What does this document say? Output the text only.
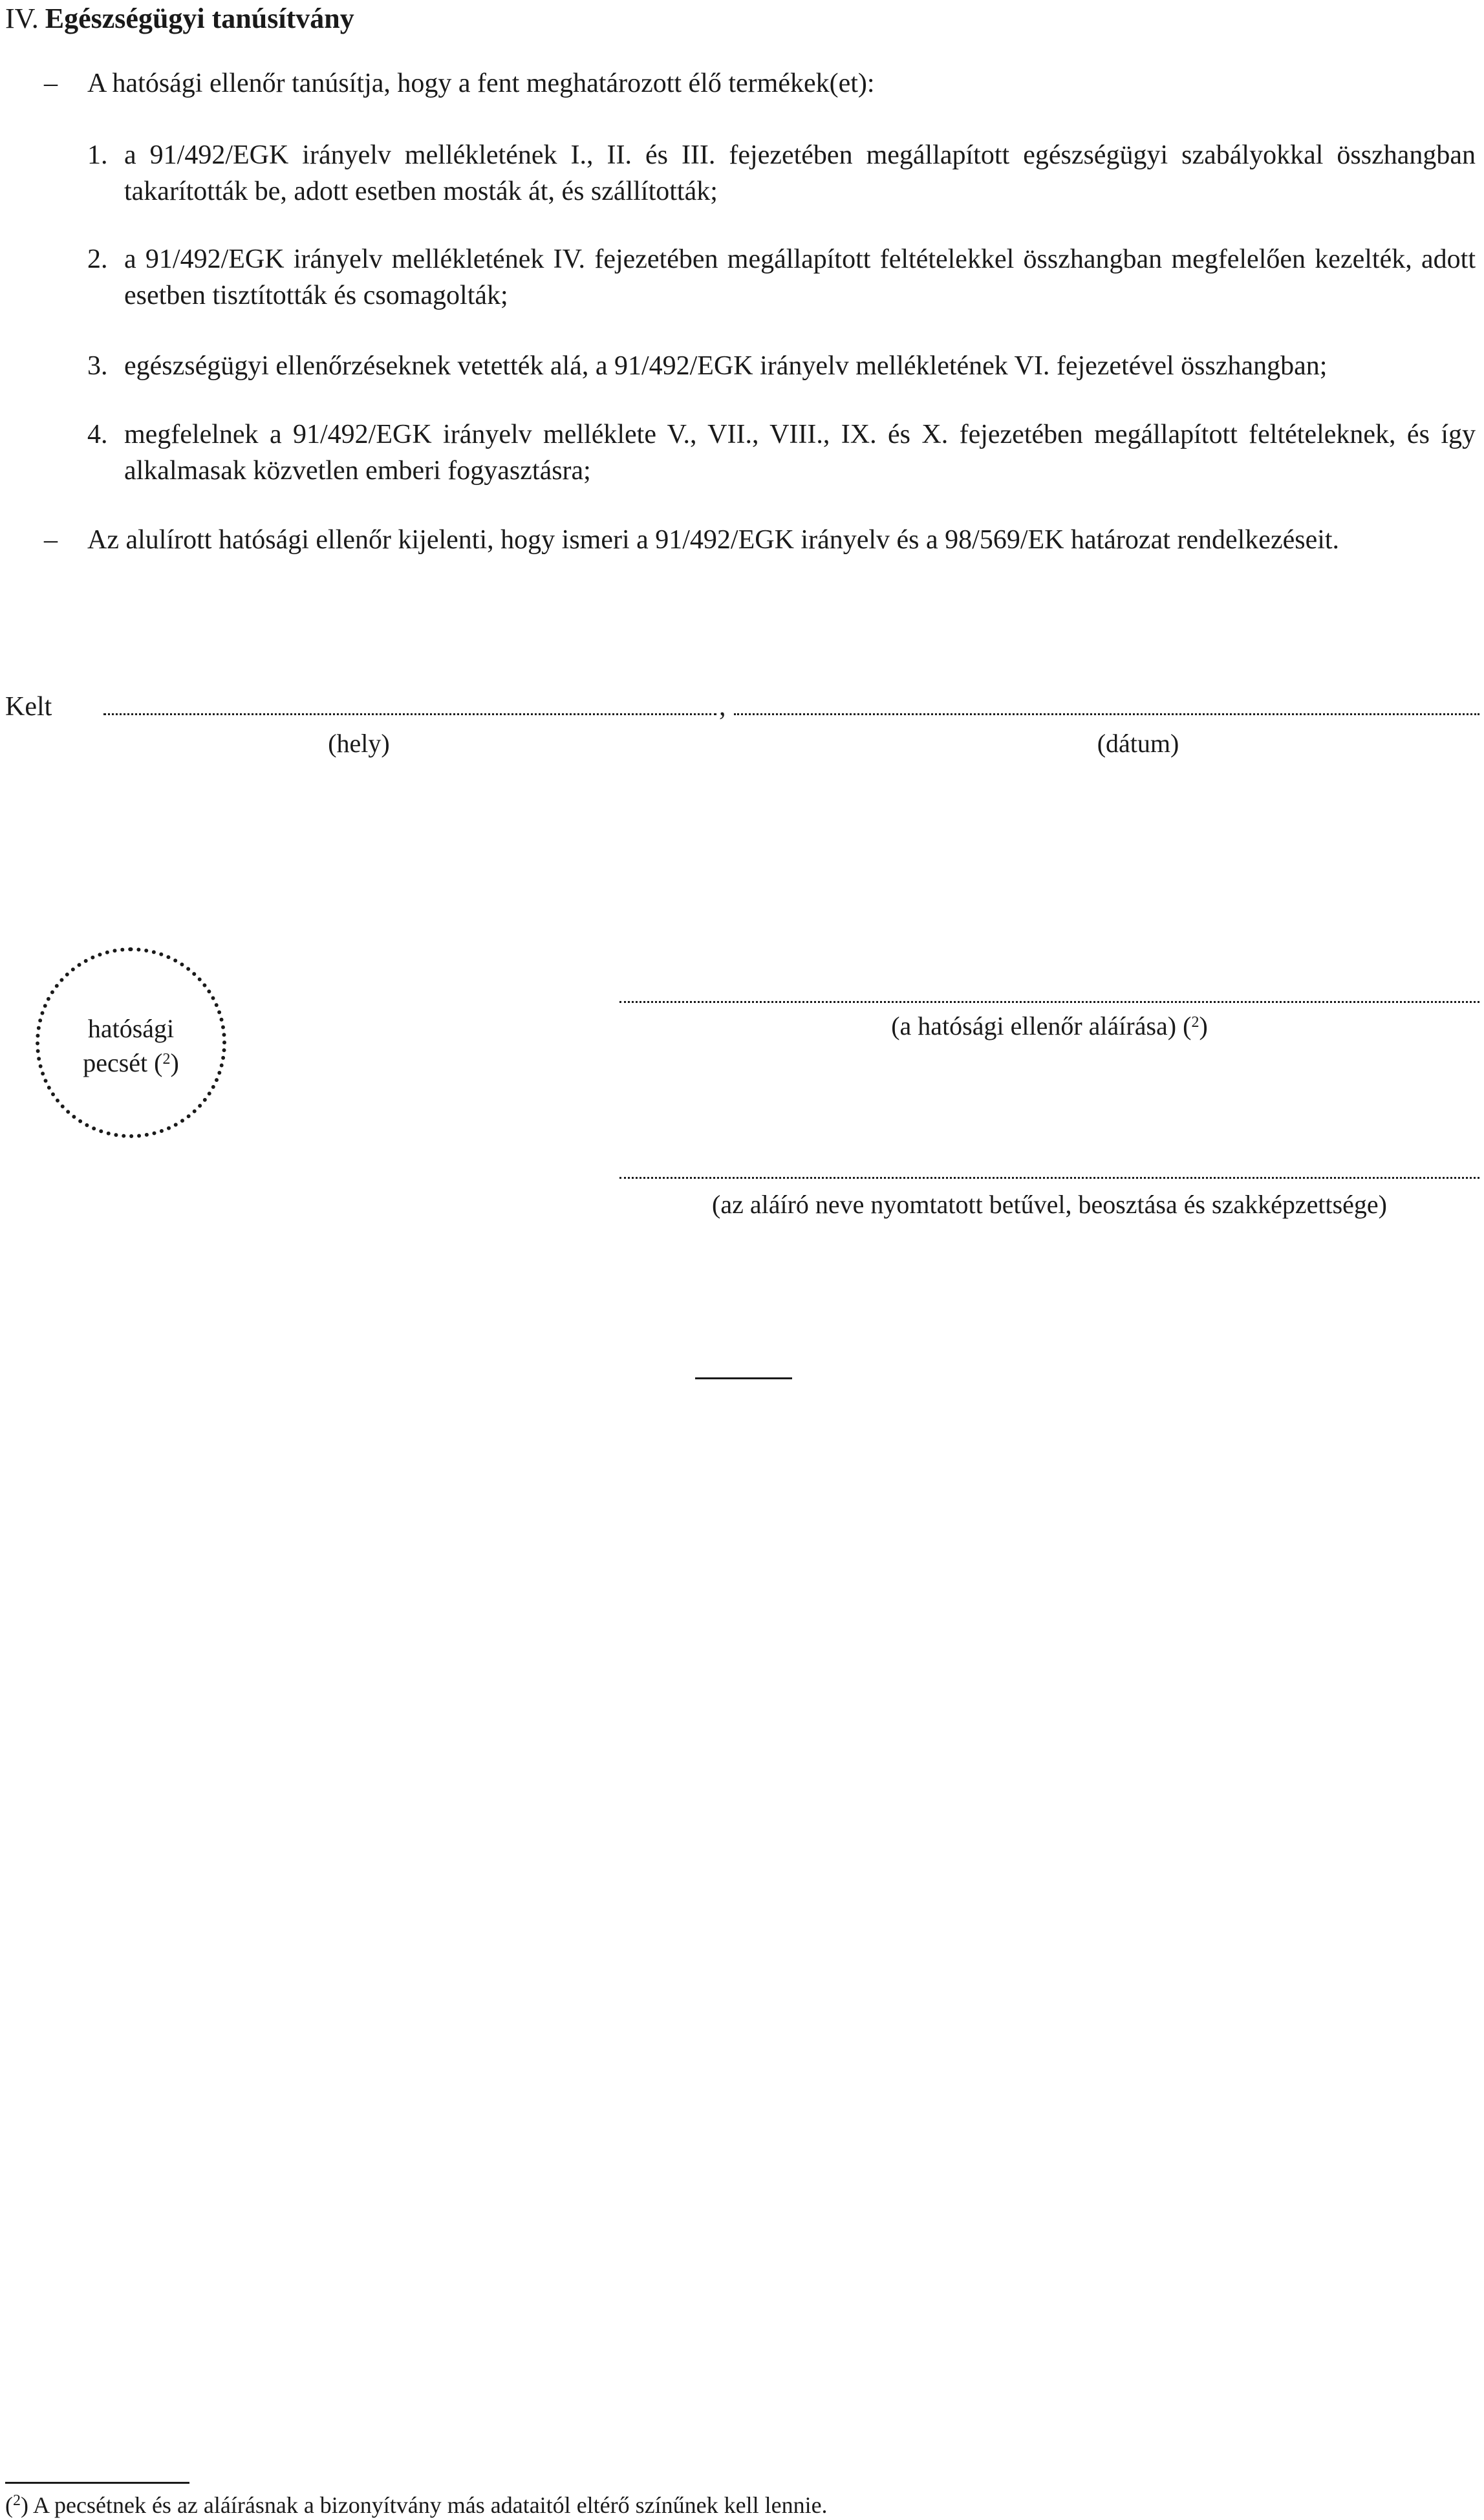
IV. Egészségügyi tanúsítvány
– A hatósági ellenőr tanúsítja, hogy a fent meghatározott élő termékek(et):
1. a 91/492/EGK irányelv mellékletének I., II. és III. fejezetében megállapított egészségügyi szabályokkal összhangban takarították be, adott esetben mosták át, és szállították;
2. a 91/492/EGK irányelv mellékletének IV. fejezetében megállapított feltételekkel összhangban megfelelően kezelték, adott esetben tisztították és csomagolták;
3. egészségügyi ellenőrzéseknek vetették alá, a 91/492/EGK irányelv mellékletének VI. fejezetével összhangban;
4. megfelelnek a 91/492/EGK irányelv melléklete V., VII., VIII., IX. és X. fejezetében megállapított feltételeknek, és így alkalmasak közvetlen emberi fogyasztásra;
– Az alulírott hatósági ellenőr kijelenti, hogy ismeri a 91/492/EGK irányelv és a 98/569/EK határozat rendelkezéseit.
Kelt	,
(hely)	(dátum)
hatósági
pecsét ($^2$)
(a hatósági ellenőr aláírása) ($^2$)
(az aláíró neve nyomtatott betűvel, beosztása és szakképzettsége)
($^2$) A pecsétnek és az aláírásnak a bizonyítvány más adataitól eltérő színűnek kell lennie.
